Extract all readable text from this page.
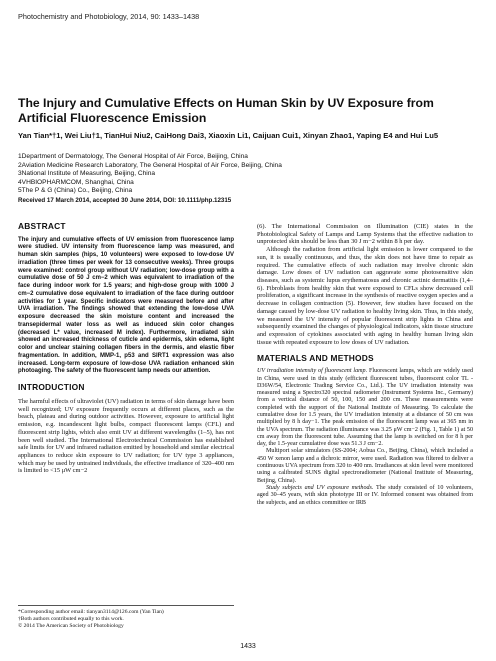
Photochemistry and Photobiology, 2014, 90: 1433–1438
The Injury and Cumulative Effects on Human Skin by UV Exposure from Artificial Fluorescence Emission
Yan Tian*†1, Wei Liu†1, TianHui Niu2, CaiHong Dai3, Xiaoxin Li1, Caijuan Cui1, Xinyan Zhao1, Yaping E4 and Hui Lu5
1Department of Dermatology, The General Hospital of Air Force, Beijing, China
2Aviation Medicine Research Laboratory, The General Hospital of Air Force, Beijing, China
3National Institute of Measuring, Beijing, China
4VHBIOPHARMCOM, Shanghai, China
5The P & G (China) Co., Beijing, China
Received 17 March 2014, accepted 30 June 2014, DOI: 10.1111/php.12315
ABSTRACT

The injury and cumulative effects of UV emission from fluorescence lamp were studied. UV intensity from fluorescence lamp was measured, and human skin samples (hips, 10 volunteers) were exposed to low-dose UV irradiation (three times per week for 13 consecutive weeks). Three groups were examined: control group without UV radiation; low-dose group with a cumulative dose of 50 J cm−2 which was equivalent to irradiation of the face during indoor work for 1.5 years; and high-dose group with 1000 J cm−2 cumulative dose equivalent to irradiation of the face during outdoor activities for 1 year. Specific indicators were measured before and after UVA irradiation. The findings showed that extending the low-dose UVA exposure decreased the skin moisture content and increased the transepidermal water loss as well as induced skin color changes (decreased L* value, increased M index). Furthermore, irradiated skin showed an increased thickness of cuticle and epidermis, skin edema, light color and unclear staining collagen fibers in the dermis, and elastic fiber fragmentation. In addition, MMP-1, p53 and SIRT1 expression was also increased. Long-term exposure of low-dose UVA radiation enhanced skin photoaging. The safety of the fluorescent lamp needs our attention.

INTRODUCTION

The harmful effects of ultraviolet (UV) radiation in terms of skin damage have been well recognized; UV exposure frequently occurs at different places, such as the beach, plateau and during outdoor activities. However, exposure to artificial light emission, e.g. incandescent light bulbs, compact fluorescent lamps (CFL) and fluorescent strip lights, which also emit UV at different wavelengths (1–5), has not been well studied. The International Electrotechnical Commission has established safe limits for UV and infrared radiation emitted by household and similar electrical appliances to reduce skin exposure to UV radiation; for UV type 3 appliances, which may be used by untrained individuals, the effective irradiance of 320–400 nm is limited to <15 μW cm−2

(6). The International Commission on Illumination (CIE) states in the Photobiological Safety of Lamps and Lamp Systems that the effective radiation to unprotected skin should be less than 30 J m−2 within 8 h per day.

Although the radiation from artificial light emission is lower compared to the sun, it is usually continuous, and thus, the skin does not have time to repair as required. The cumulative effects of such radiation may involve chronic skin damage. Low doses of UV radiation can aggravate some photosensitive skin diseases, such as systemic lupus erythematosus and chronic actinic dermatitis (1,4–6). Fibroblasts from healthy skin that were exposed to CFLs show decreased cell proliferation, a significant increase in the synthesis of reactive oxygen species and a decrease in collagen contraction (5). However, few studies have focused on the damage caused by low-dose UV radiation to healthy living skin. Thus, in this study, we measured the UV intensity of popular fluorescent strip lights in China and subsequently examined the changes of physiological indicators, skin tissue structure and expression of cytokines associated with aging in healthy human living skin tissue with repeated exposure to low doses of UV radiation.

MATERIALS AND METHODS

UV irradiation intensity of fluorescent lamp. Fluorescent lamps, which are widely used in China, were used in this study (efficient fluorescent tubes, fluorescent color TL - D36W/54, Electronic Trading Service Co., Ltd.). The UV irradiation intensity was measured using a Spectro320 spectral radiometer (Instrument Systems Inc., Germany) from a vertical distance of 50, 100, 150 and 200 cm. These measurements were completed with the support of the National Institute of Measuring. To calculate the cumulative dose for 1.5 years, the UV irradiation intensity at a distance of 50 cm was multiplied by 8 h day−1. The peak emission of the fluorescent lamp was at 365 nm in the UVA spectrum. The radiation illuminance was 3.25 μW cm−2 (Fig. 1, Table 1) at 50 cm away from the fluorescent tube. Assuming that the lamp is switched on for 8 h per day, the 1.5-year cumulative dose was 51.3 J cm−2.

Multiport solar simulators (SS-2004; Aobua Co., Beijing, China), which included a 450 W xenon lamp and a dichroic mirror, were used. Radiation was filtered to deliver a continuous UVA spectrum from 320 to 400 nm. Irradiances at skin level were monitored using a calibrated SUNS digital spectroradiometer (National Institute of Measuring, Beijing, China).

Study subjects and UV exposure methods. The study consisted of 10 volunteers, aged 30–45 years, with skin phototype III or IV. Informed consent was obtained from the subjects, and an ethics committee or IRB

*Corresponding author email: tianyan3114@126.com (Yan Tian)
†Both authors contributed equally to this work.
© 2014 The American Society of Photobiology
1433
